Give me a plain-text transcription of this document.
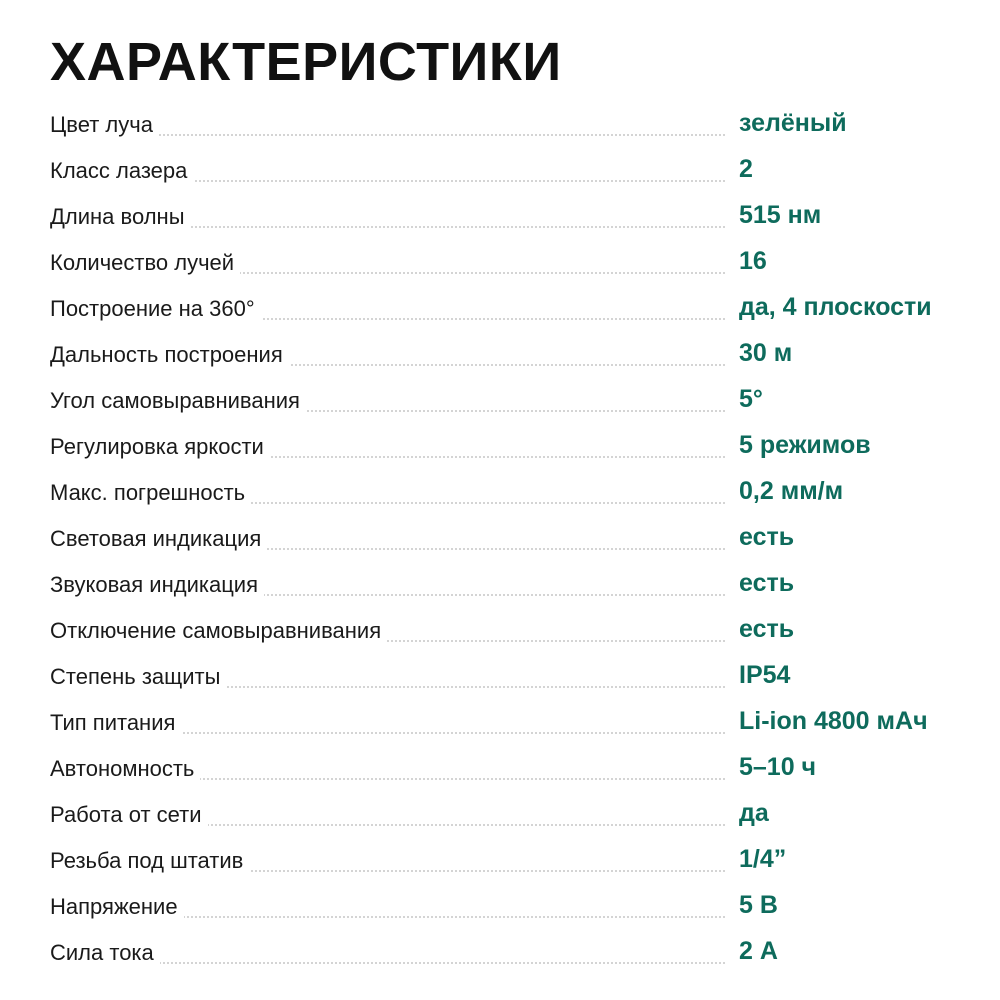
ХАРАКТЕРИСТИКИ
Цвет луча	зелёный
Класс лазера	2
Длина волны	515 нм
Количество лучей	16
Построение на 360°	да, 4 плоскости
Дальность построения	30 м
Угол самовыравнивания	5°
Регулировка яркости	5 режимов
Макс. погрешность	0,2 мм/м
Световая индикация	есть
Звуковая индикация	есть
Отключение самовыравнивания	есть
Степень защиты	IP54
Тип питания	Li-ion 4800 мАч
Автономность	5–10 ч
Работа от сети	да
Резьба под штатив	1/4”
Напряжение	5 В
Сила тока	2 А
